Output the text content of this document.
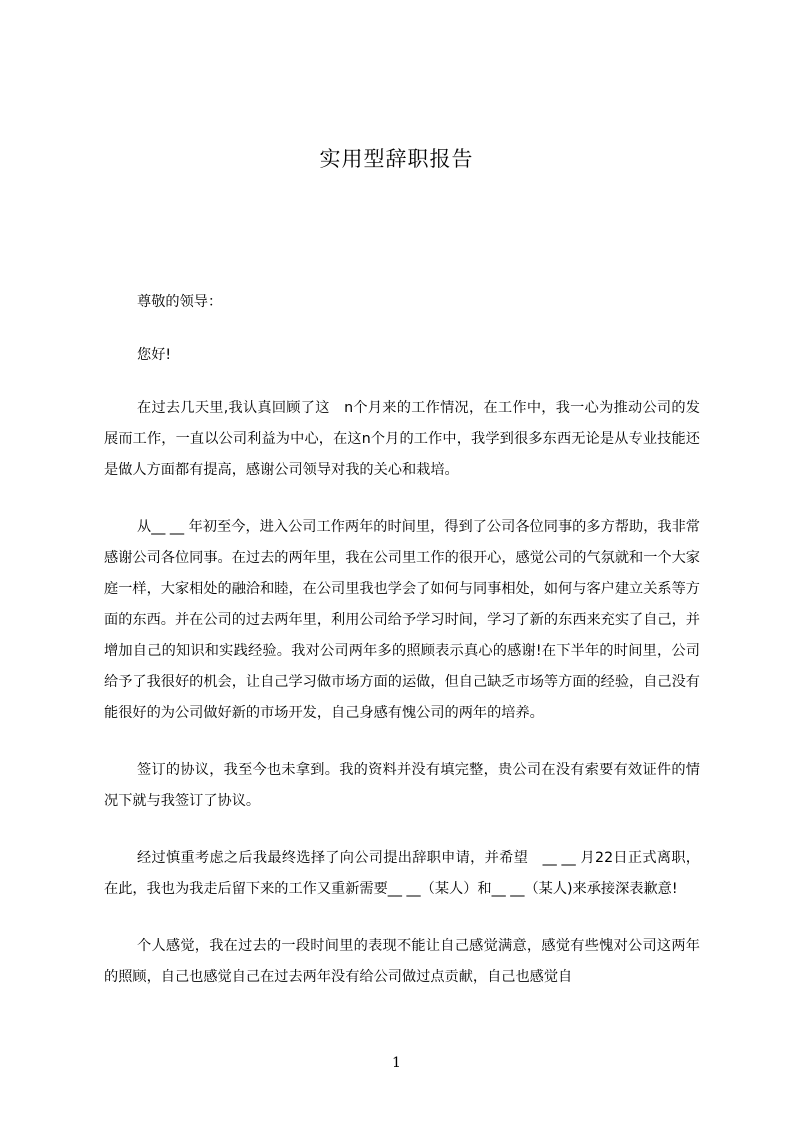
实用型辞职报告

尊敬的领导：

您好!

在过去几天里,我认真回顾了这　n个月来的工作情况，在工作中，我一心为推动公司的发展而工作，一直以公司利益为中心，在这n个月的工作中，我学到很多东西无论是从专业技能还是做人方面都有提高，感谢公司领导对我的关心和栽培。

从__ __ 年初至今，进入公司工作两年的时间里，得到了公司各位同事的多方帮助，我非常感谢公司各位同事。在过去的两年里，我在公司里工作的很开心，感觉公司的气氛就和一个大家庭一样，大家相处的融洽和睦，在公司里我也学会了如何与同事相处，如何与客户建立关系等方面的东西。并在公司的过去两年里，利用公司给予学习时间，学习了新的东西来充实了自己，并增加自己的知识和实践经验。我对公司两年多的照顾表示真心的感谢!在下半年的时间里，公司给予了我很好的机会，让自己学习做市场方面的运做，但自己缺乏市场等方面的经验，自己没有能很好的为公司做好新的市场开发，自己身感有愧公司的两年的培养。

签订的协议，我至今也未拿到。我的资料并没有填完整，贵公司在没有索要有效证件的情况下就与我签订了协议。

经过慎重考虑之后我最终选择了向公司提出辞职申请，并希望　__ __ 月22日正式离职，在此，我也为我走后留下来的工作又重新需要__ __（某人）和__ __（某人)来承接深表歉意!

个人感觉，我在过去的一段时间里的表现不能让自己感觉满意，感觉有些愧对公司这两年的照顾，自己也感觉自己在过去两年没有给公司做过点贡献，自己也感觉自

1
